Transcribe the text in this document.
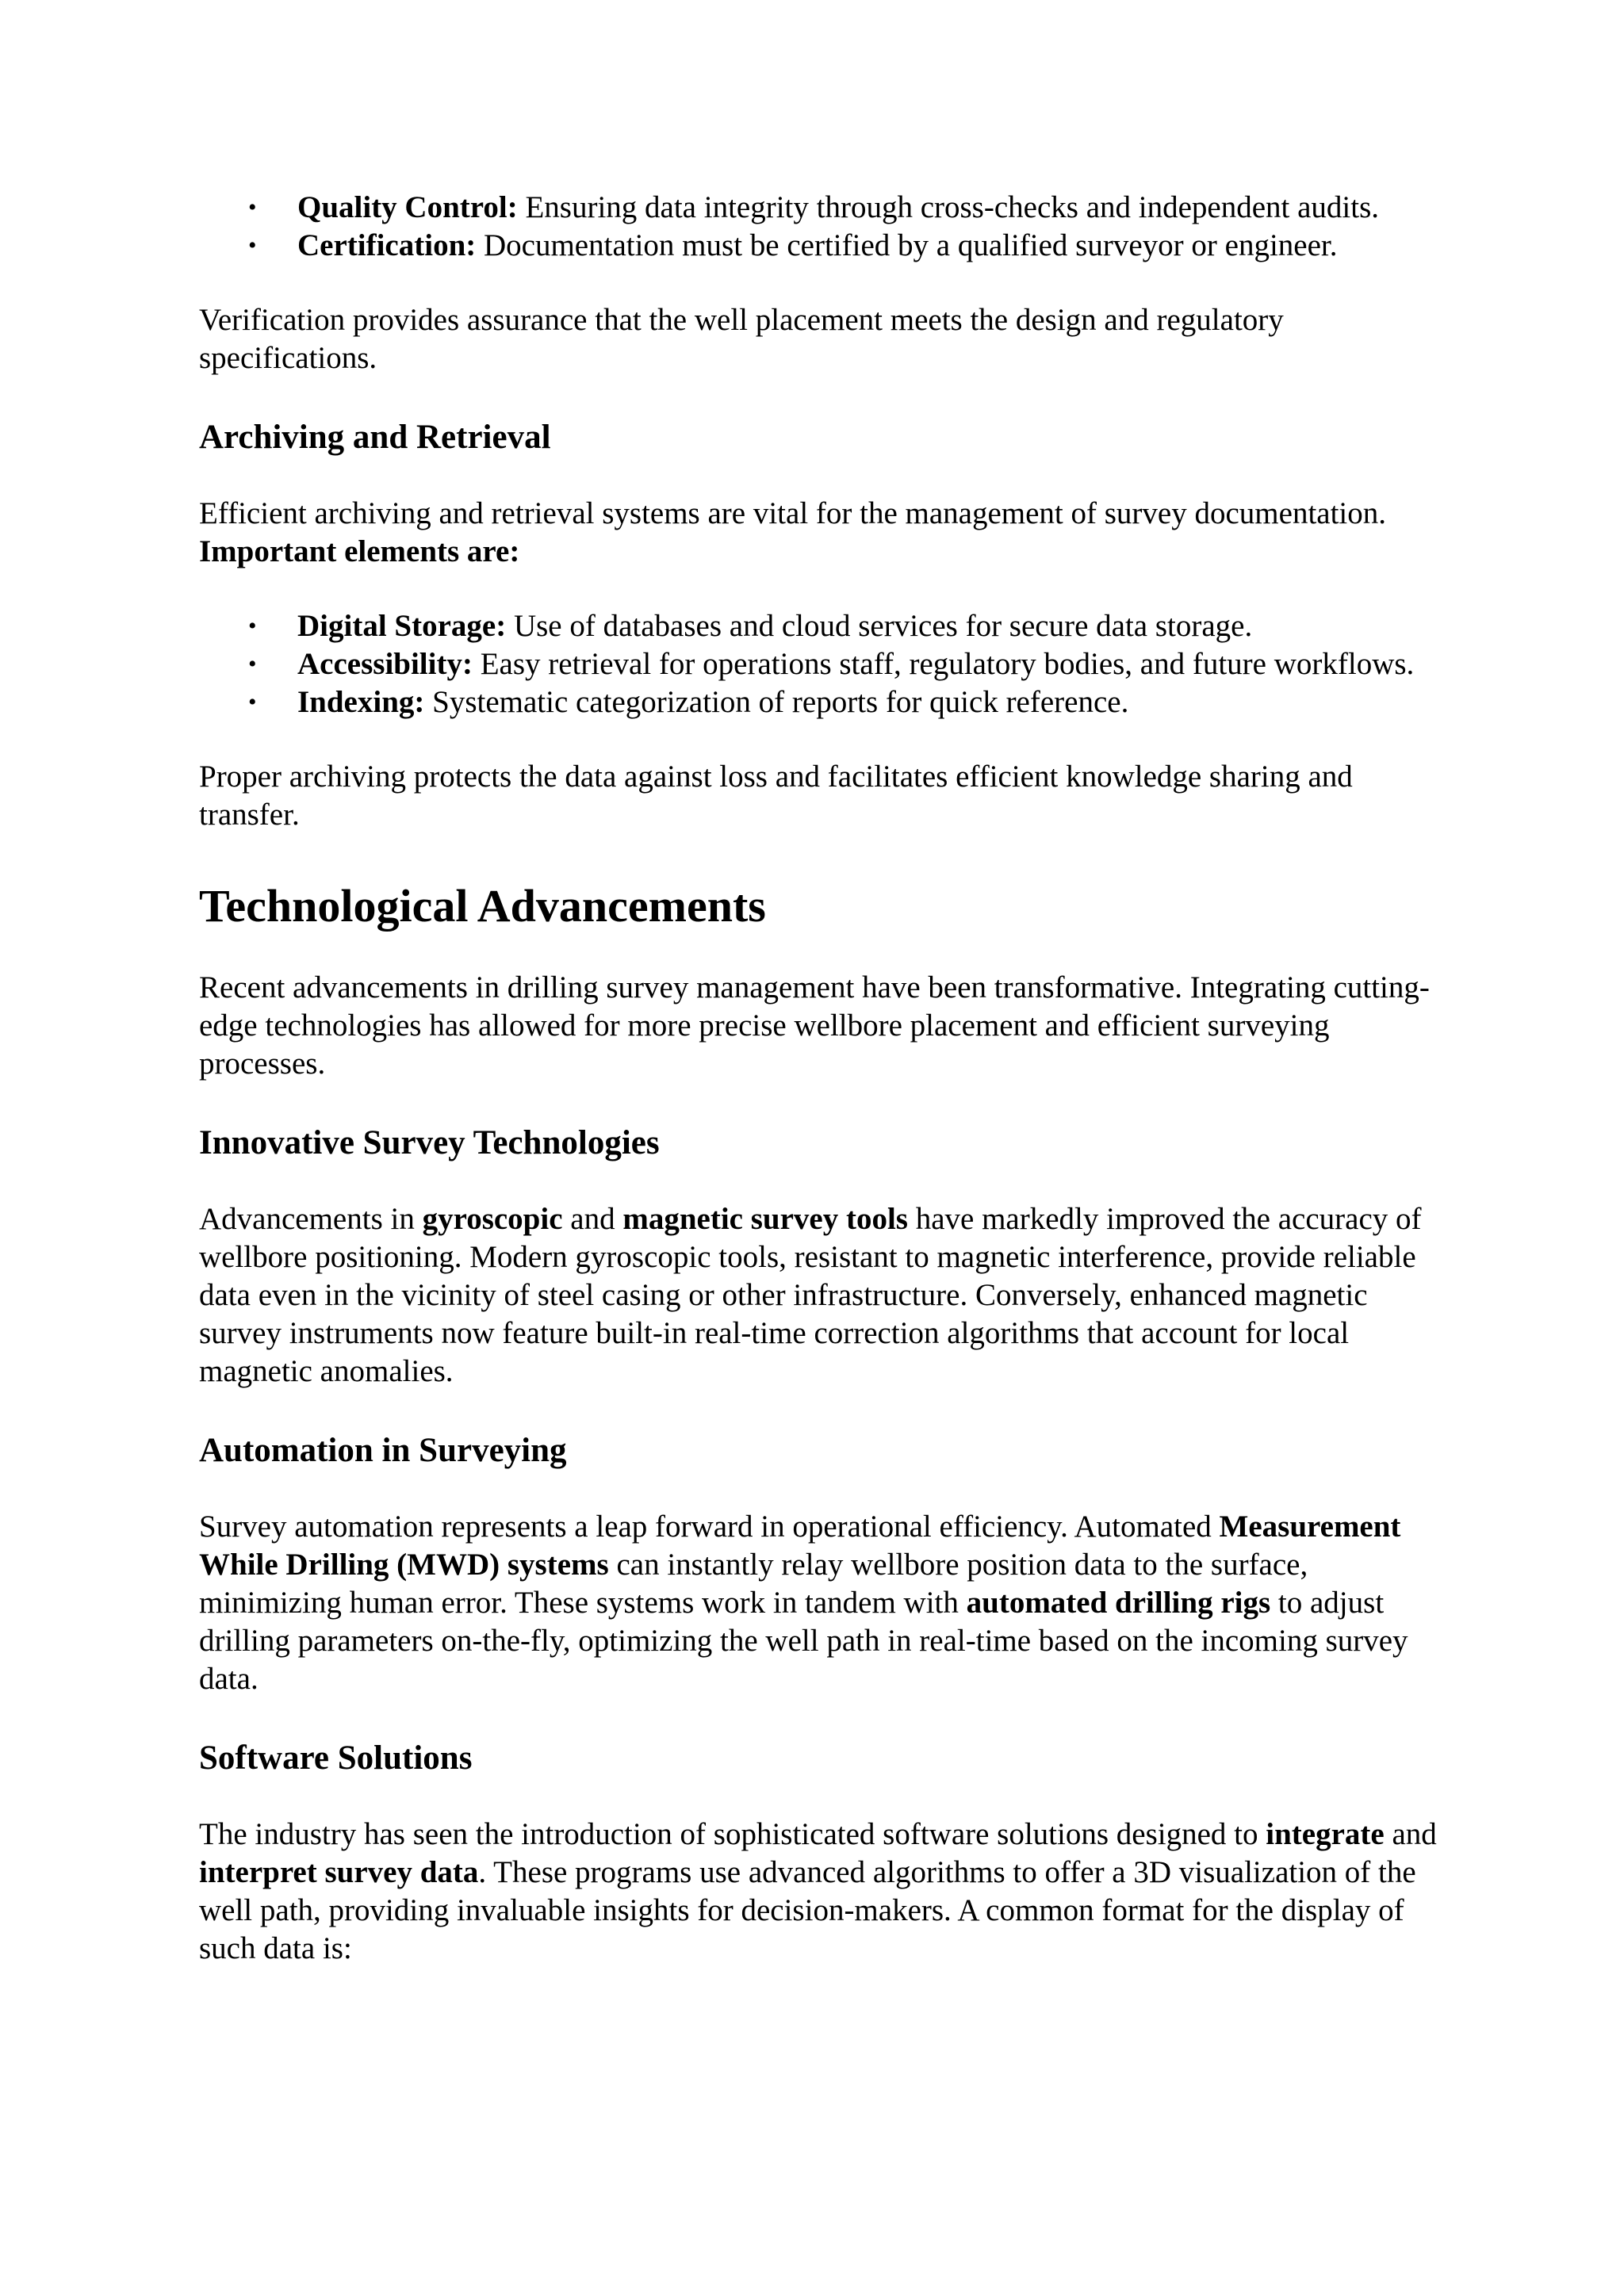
• Quality Control: Ensuring data integrity through cross-checks and independent audits.
• Certification: Documentation must be certified by a qualified surveyor or engineer.

Verification provides assurance that the well placement meets the design and regulatory specifications.

Archiving and Retrieval

Efficient archiving and retrieval systems are vital for the management of survey documentation. Important elements are:

• Digital Storage: Use of databases and cloud services for secure data storage.
• Accessibility: Easy retrieval for operations staff, regulatory bodies, and future workflows.
• Indexing: Systematic categorization of reports for quick reference.

Proper archiving protects the data against loss and facilitates efficient knowledge sharing and transfer.

Technological Advancements

Recent advancements in drilling survey management have been transformative. Integrating cutting-edge technologies has allowed for more precise wellbore placement and efficient surveying processes.

Innovative Survey Technologies

Advancements in gyroscopic and magnetic survey tools have markedly improved the accuracy of wellbore positioning. Modern gyroscopic tools, resistant to magnetic interference, provide reliable data even in the vicinity of steel casing or other infrastructure. Conversely, enhanced magnetic survey instruments now feature built-in real-time correction algorithms that account for local magnetic anomalies.

Automation in Surveying

Survey automation represents a leap forward in operational efficiency. Automated Measurement While Drilling (MWD) systems can instantly relay wellbore position data to the surface, minimizing human error. These systems work in tandem with automated drilling rigs to adjust drilling parameters on-the-fly, optimizing the well path in real-time based on the incoming survey data.

Software Solutions

The industry has seen the introduction of sophisticated software solutions designed to integrate and interpret survey data. These programs use advanced algorithms to offer a 3D visualization of the well path, providing invaluable insights for decision-makers. A common format for the display of such data is:
